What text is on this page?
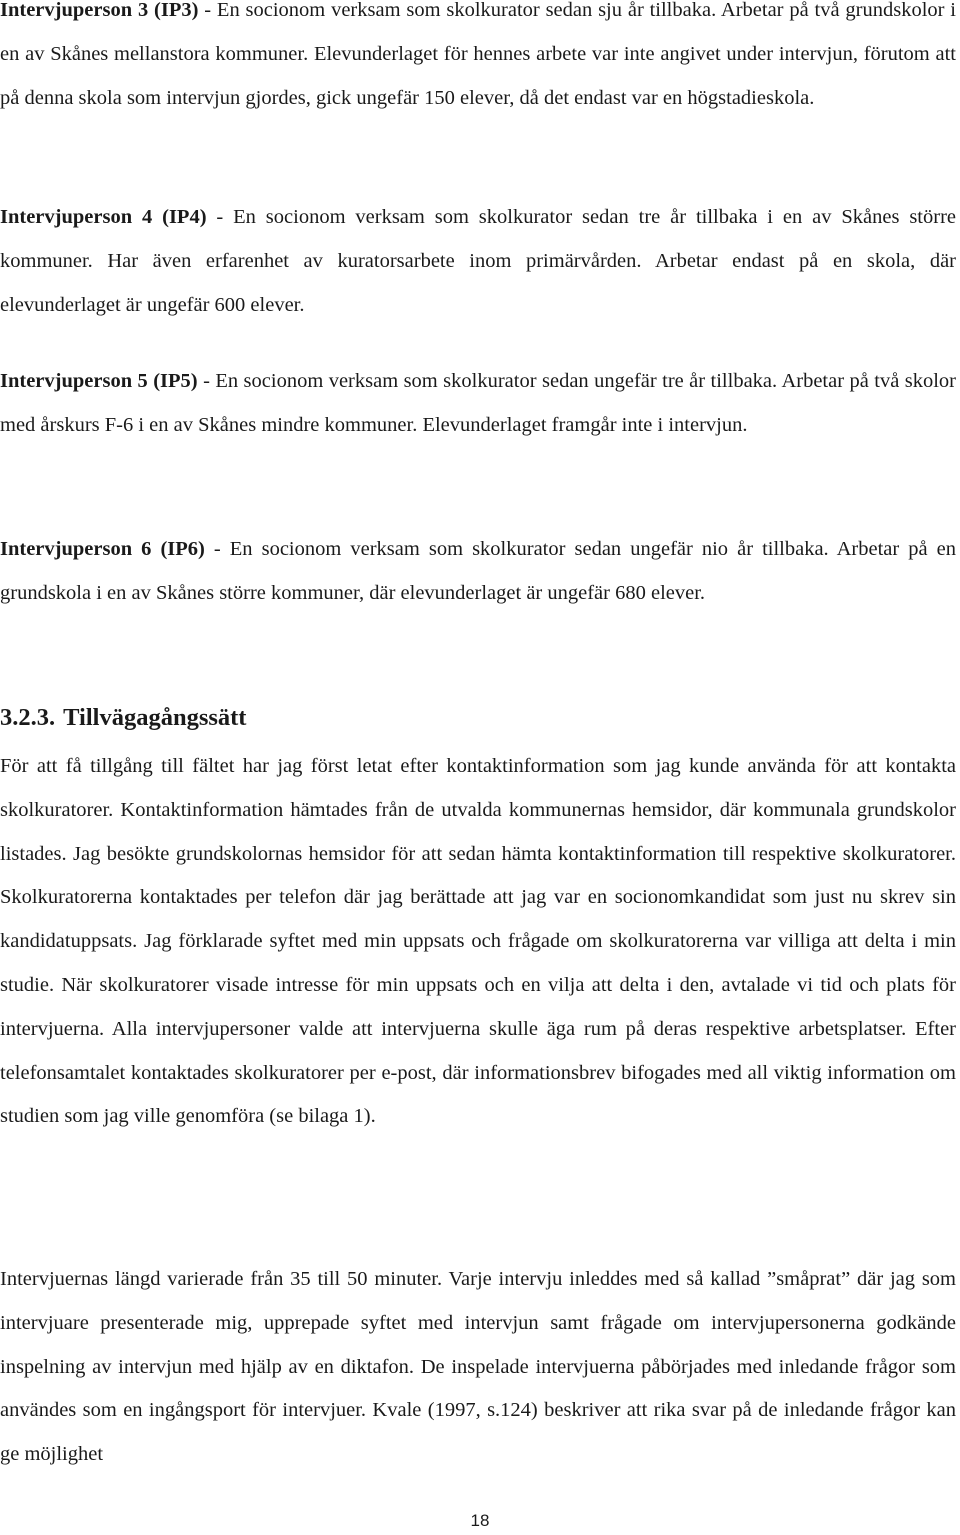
Intervjuperson 3 (IP3) - En socionom verksam som skolkurator sedan sju år tillbaka. Arbetar på två grundskolor i en av Skånes mellanstora kommuner. Elevunderlaget för hennes arbete var inte angivet under intervjun, förutom att på denna skola som intervjun gjordes, gick ungefär 150 elever, då det endast var en högstadieskola.

Intervjuperson 4 (IP4) - En socionom verksam som skolkurator sedan tre år tillbaka i en av Skånes större kommuner. Har även erfarenhet av kuratorsarbete inom primärvården. Arbetar endast på en skola, där elevunderlaget är ungefär 600 elever.

Intervjuperson 5 (IP5) - En socionom verksam som skolkurator sedan ungefär tre år tillbaka. Arbetar på två skolor med årskurs F-6 i en av Skånes mindre kommuner. Elevunderlaget framgår inte i intervjun.

Intervjuperson 6 (IP6) - En socionom verksam som skolkurator sedan ungefär nio år tillbaka. Arbetar på en grundskola i en av Skånes större kommuner, där elevunderlaget är ungefär 680 elever.

3.2.3. Tillvägagångssätt

För att få tillgång till fältet har jag först letat efter kontaktinformation som jag kunde använda för att kontakta skolkuratorer. Kontaktinformation hämtades från de utvalda kommunernas hemsidor, där kommunala grundskolor listades. Jag besökte grundskolornas hemsidor för att sedan hämta kontaktinformation till respektive skolkuratorer. Skolkuratorerna kontaktades per telefon där jag berättade att jag var en socionomkandidat som just nu skrev sin kandidatuppsats. Jag förklarade syftet med min uppsats och frågade om skolkuratorerna var villiga att delta i min studie. När skolkuratorer visade intresse för min uppsats och en vilja att delta i den, avtalade vi tid och plats för intervjuerna. Alla intervjupersoner valde att intervjuerna skulle äga rum på deras respektive arbetsplatser. Efter telefonsamtalet kontaktades skolkuratorer per e-post, där informationsbrev bifogades med all viktig information om studien som jag ville genomföra (se bilaga 1).

Intervjuernas längd varierade från 35 till 50 minuter. Varje intervju inleddes med så kallad ”småprat” där jag som intervjuare presenterade mig, upprepade syftet med intervjun samt frågade om intervjupersonerna godkände inspelning av intervjun med hjälp av en diktafon. De inspelade intervjuerna påbörjades med inledande frågor som användes som en ingångsport för intervjuer. Kvale (1997, s.124) beskriver att rika svar på de inledande frågor kan ge möjlighet

18
